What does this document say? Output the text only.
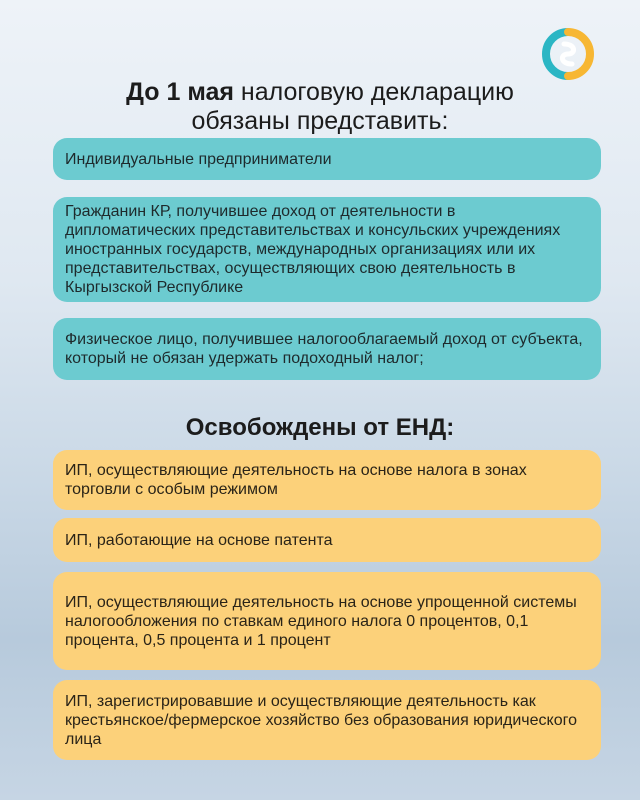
До 1 мая налоговую декларацию
обязаны представить:
Индивидуальные предприниматели
Гражданин КР, получившее доход от деятельности в дипломатических представительствах и консульских учреждениях иностранных государств, международных организациях или их представительствах, осуществляющих свою деятельность в Кыргызской Республике
Физическое лицо, получившее налогооблагаемый доход от субъекта, который не обязан удержать подоходный налог;
Освобождены от ЕНД:
ИП, осуществляющие деятельность на основе налога в зонах торговли с особым режимом
ИП, работающие на основе патента
ИП, осуществляющие деятельность на основе упрощенной системы налогообложения по ставкам единого налога 0 процентов, 0,1 процента, 0,5 процента и 1 процент
ИП, зарегистрировавшие и осуществляющие деятельность как крестьянское/фермерское хозяйство без образования юридического лица
